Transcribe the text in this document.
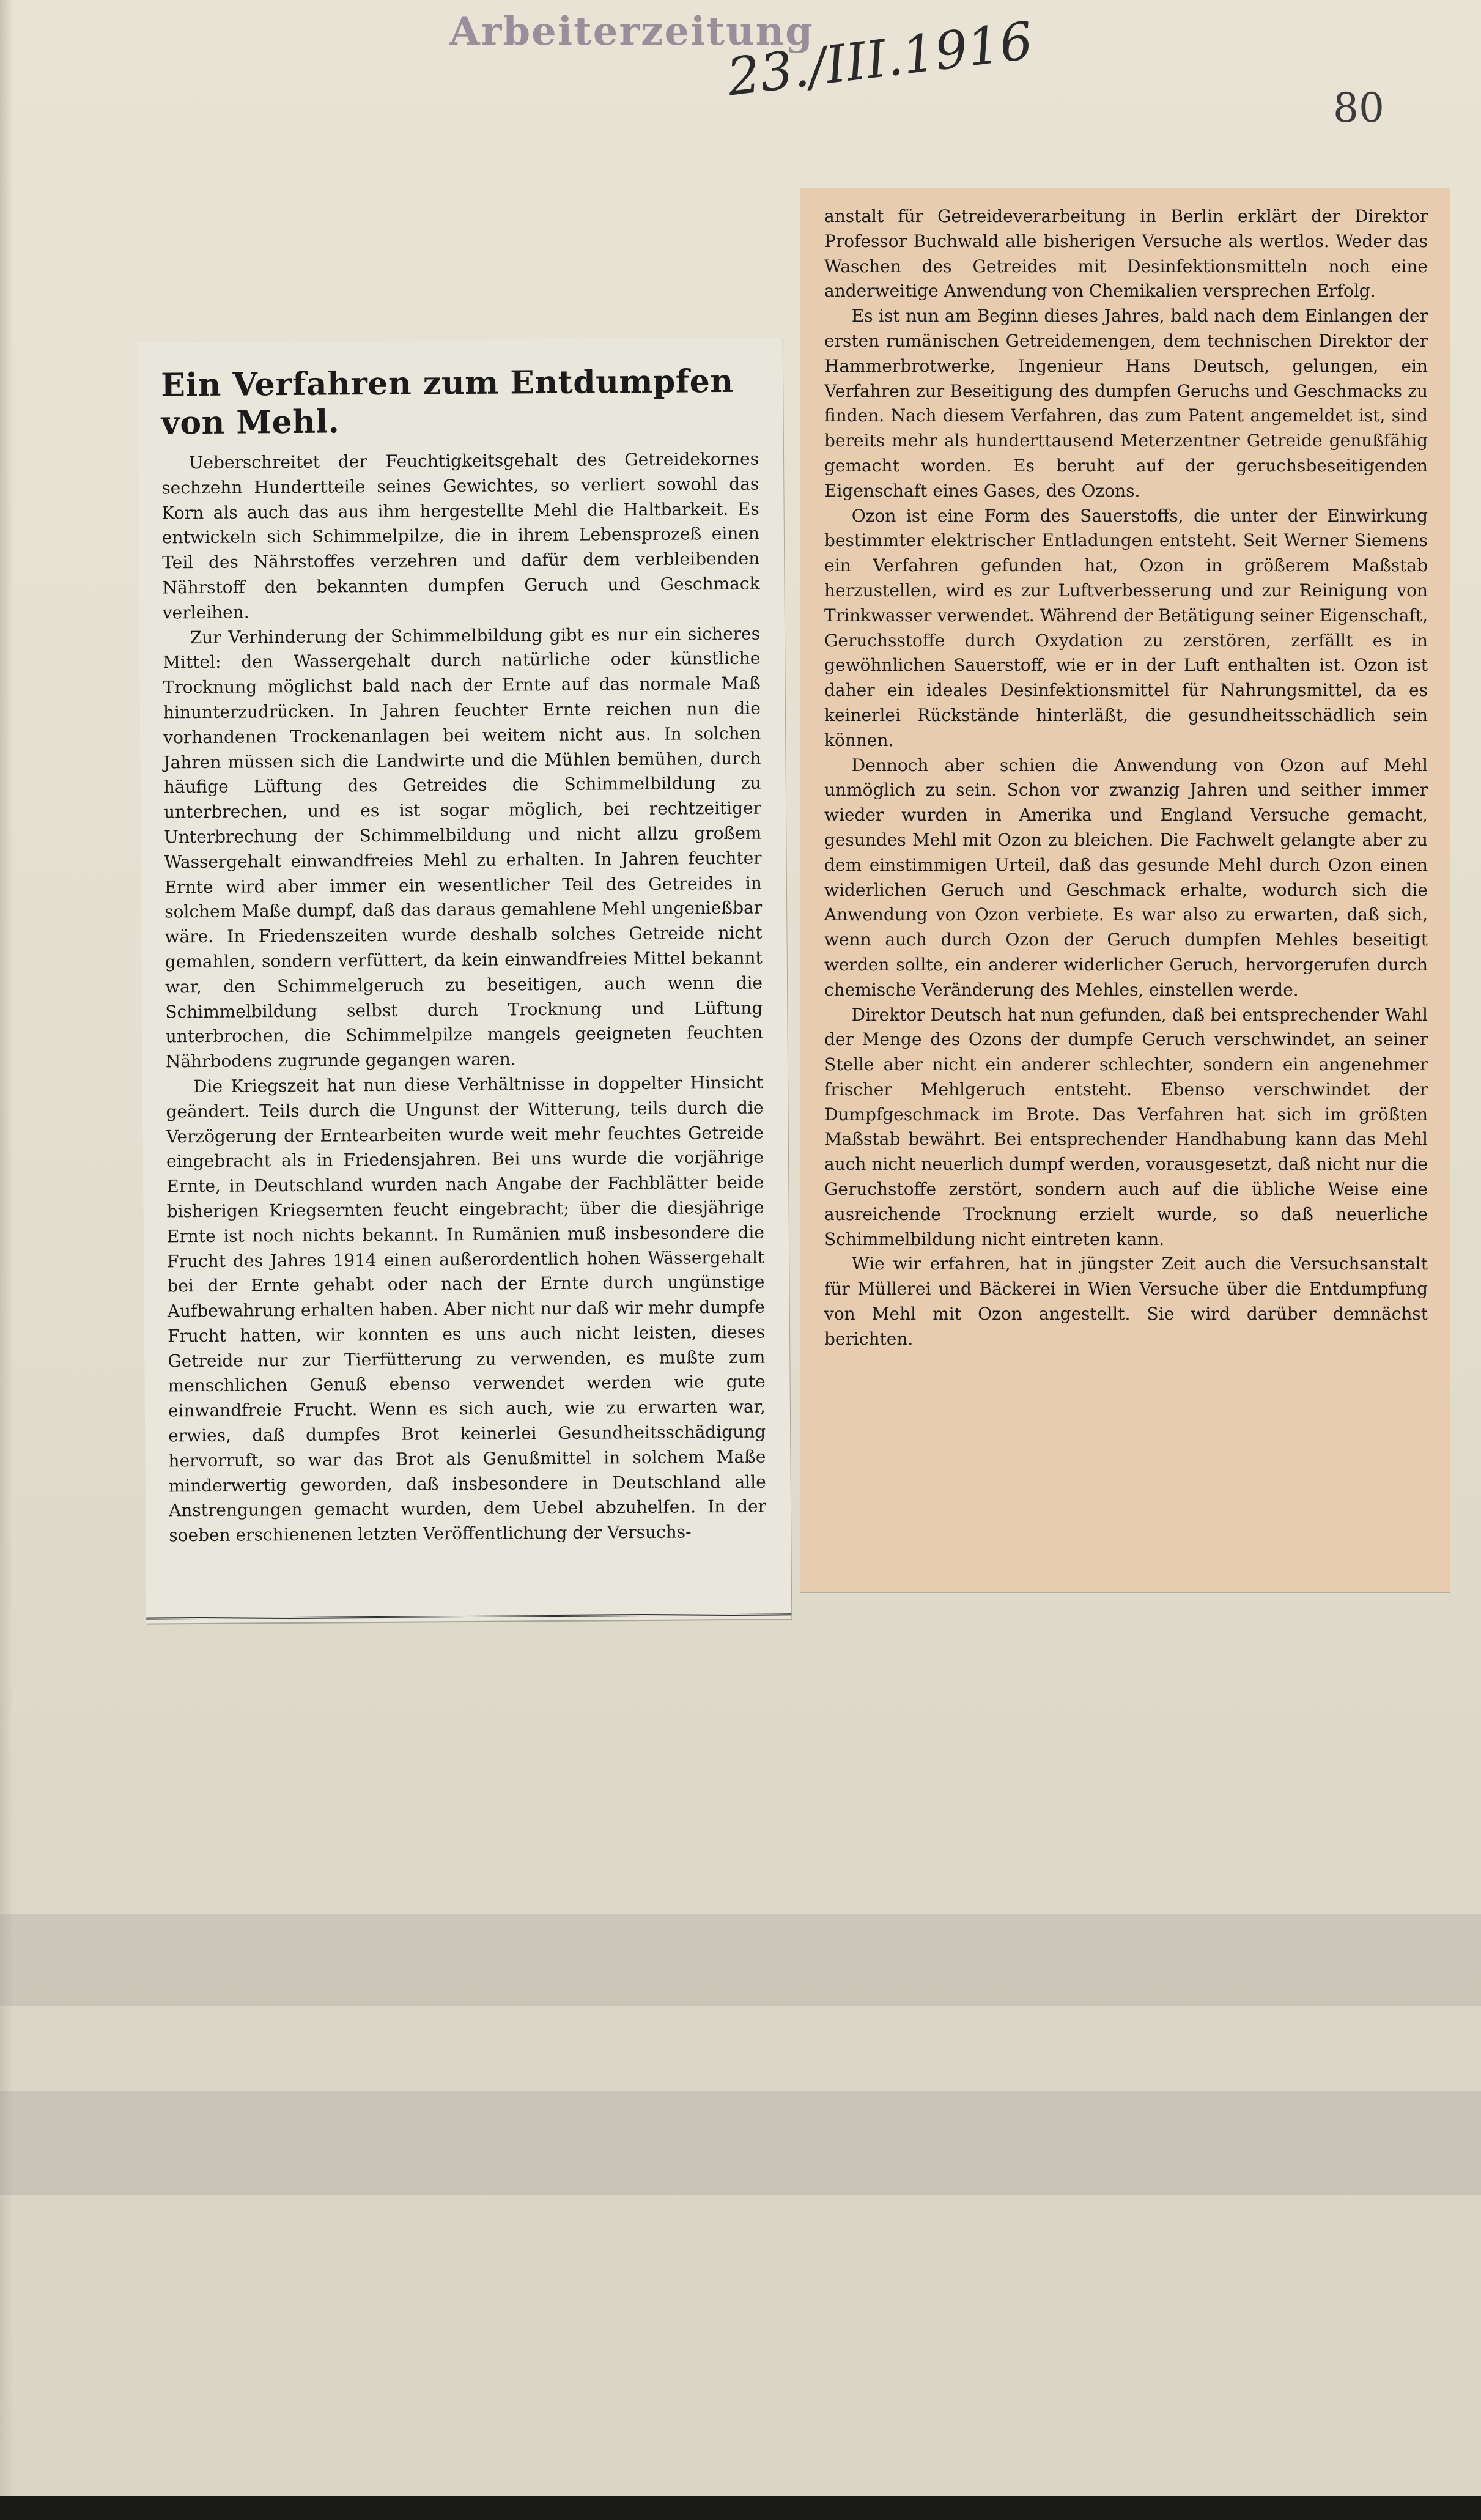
Arbeiterzeitung
23./III.1916
80
Ein Verfahren zum Entdumpfen von Mehl.

Ueberschreitet der Feuchtigkeitsgehalt des Getreidekornes sechzehn Hundertteile seines Gewichtes, so verliert sowohl das Korn als auch das aus ihm hergestellte Mehl die Haltbarkeit. Es entwickeln sich Schimmelpilze, die in ihrem Lebensprozeß einen Teil des Nährstoffes verzehren und dafür dem verbleibenden Nährstoff den bekannten dumpfen Geruch und Geschmack verleihen.

Zur Verhinderung der Schimmelbildung gibt es nur ein sicheres Mittel: den Wassergehalt durch natürliche oder künstliche Trocknung möglichst bald nach der Ernte auf das normale Maß hinunterzudrücken. In Jahren feuchter Ernte reichen nun die vorhandenen Trockenanlagen bei weitem nicht aus. In solchen Jahren müssen sich die Landwirte und die Mühlen bemühen, durch häufige Lüftung des Getreides die Schimmelbildung zu unterbrechen, und es ist sogar möglich, bei rechtzeitiger Unterbrechung der Schimmelbildung und nicht allzu großem Wassergehalt einwandfreies Mehl zu erhalten. In Jahren feuchter Ernte wird aber immer ein wesentlicher Teil des Getreides in solchem Maße dumpf, daß das daraus gemahlene Mehl ungenießbar wäre. In Friedenszeiten wurde deshalb solches Getreide nicht gemahlen, sondern verfüttert, da kein einwandfreies Mittel bekannt war, den Schimmelgeruch zu beseitigen, auch wenn die Schimmelbildung selbst durch Trocknung und Lüftung unterbrochen, die Schimmelpilze mangels geeigneten feuchten Nährbodens zugrunde gegangen waren.

Die Kriegszeit hat nun diese Verhältnisse in doppelter Hinsicht geändert. Teils durch die Ungunst der Witterung, teils durch die Verzögerung der Erntearbeiten wurde weit mehr feuchtes Getreide eingebracht als in Friedensjahren. Bei uns wurde die vorjährige Ernte, in Deutschland wurden nach Angabe der Fachblätter beide bisherigen Kriegsernten feucht eingebracht; über die diesjährige Ernte ist noch nichts bekannt. In Rumänien muß insbesondere die Frucht des Jahres 1914 einen außerordentlich hohen Wässergehalt bei der Ernte gehabt oder nach der Ernte durch ungünstige Aufbewahrung erhalten haben. Aber nicht nur daß wir mehr dumpfe Frucht hatten, wir konnten es uns auch nicht leisten, dieses Getreide nur zur Tierfütterung zu verwenden, es mußte zum menschlichen Genuß ebenso verwendet werden wie gute einwandfreie Frucht. Wenn es sich auch, wie zu erwarten war, erwies, daß dumpfes Brot keinerlei Gesundheitsschädigung hervorruft, so war das Brot als Genußmittel in solchem Maße minderwertig geworden, daß insbesondere in Deutschland alle Anstrengungen gemacht wurden, dem Uebel abzuhelfen. In der soeben erschienenen letzten Veröffentlichung der Versuchs-

anstalt für Getreideverarbeitung in Berlin erklärt der Direktor Professor Buchwald alle bisherigen Versuche als wertlos. Weder das Waschen des Getreides mit Desinfektionsmitteln noch eine anderweitige Anwendung von Chemikalien versprechen Erfolg.

Es ist nun am Beginn dieses Jahres, bald nach dem Einlangen der ersten rumänischen Getreidemengen, dem technischen Direktor der Hammerbrotwerke, Ingenieur Hans Deutsch, gelungen, ein Verfahren zur Beseitigung des dumpfen Geruchs und Geschmacks zu finden. Nach diesem Verfahren, das zum Patent angemeldet ist, sind bereits mehr als hunderttausend Meterzentner Getreide genußfähig gemacht worden. Es beruht auf der geruchsbeseitigenden Eigenschaft eines Gases, des Ozons.

Ozon ist eine Form des Sauerstoffs, die unter der Einwirkung bestimmter elektrischer Entladungen entsteht. Seit Werner Siemens ein Verfahren gefunden hat, Ozon in größerem Maßstab herzustellen, wird es zur Luftverbesserung und zur Reinigung von Trinkwasser verwendet. Während der Betätigung seiner Eigenschaft, Geruchsstoffe durch Oxydation zu zerstören, zerfällt es in gewöhnlichen Sauerstoff, wie er in der Luft enthalten ist. Ozon ist daher ein ideales Desinfektionsmittel für Nahrungsmittel, da es keinerlei Rückstände hinterläßt, die gesundheitsschädlich sein können.

Dennoch aber schien die Anwendung von Ozon auf Mehl unmöglich zu sein. Schon vor zwanzig Jahren und seither immer wieder wurden in Amerika und England Versuche gemacht, gesundes Mehl mit Ozon zu bleichen. Die Fachwelt gelangte aber zu dem einstimmigen Urteil, daß das gesunde Mehl durch Ozon einen widerlichen Geruch und Geschmack erhalte, wodurch sich die Anwendung von Ozon verbiete. Es war also zu erwarten, daß sich, wenn auch durch Ozon der Geruch dumpfen Mehles beseitigt werden sollte, ein anderer widerlicher Geruch, hervorgerufen durch chemische Veränderung des Mehles, einstellen werde.

Direktor Deutsch hat nun gefunden, daß bei entsprechender Wahl der Menge des Ozons der dumpfe Geruch verschwindet, an seiner Stelle aber nicht ein anderer schlechter, sondern ein angenehmer frischer Mehlgeruch entsteht. Ebenso verschwindet der Dumpfgeschmack im Brote. Das Verfahren hat sich im größten Maßstab bewährt. Bei entsprechender Handhabung kann das Mehl auch nicht neuerlich dumpf werden, vorausgesetzt, daß nicht nur die Geruchstoffe zerstört, sondern auch auf die übliche Weise eine ausreichende Trocknung erzielt wurde, so daß neuerliche Schimmelbildung nicht eintreten kann.

Wie wir erfahren, hat in jüngster Zeit auch die Versuchsanstalt für Müllerei und Bäckerei in Wien Versuche über die Entdumpfung von Mehl mit Ozon angestellt. Sie wird darüber demnächst berichten.
